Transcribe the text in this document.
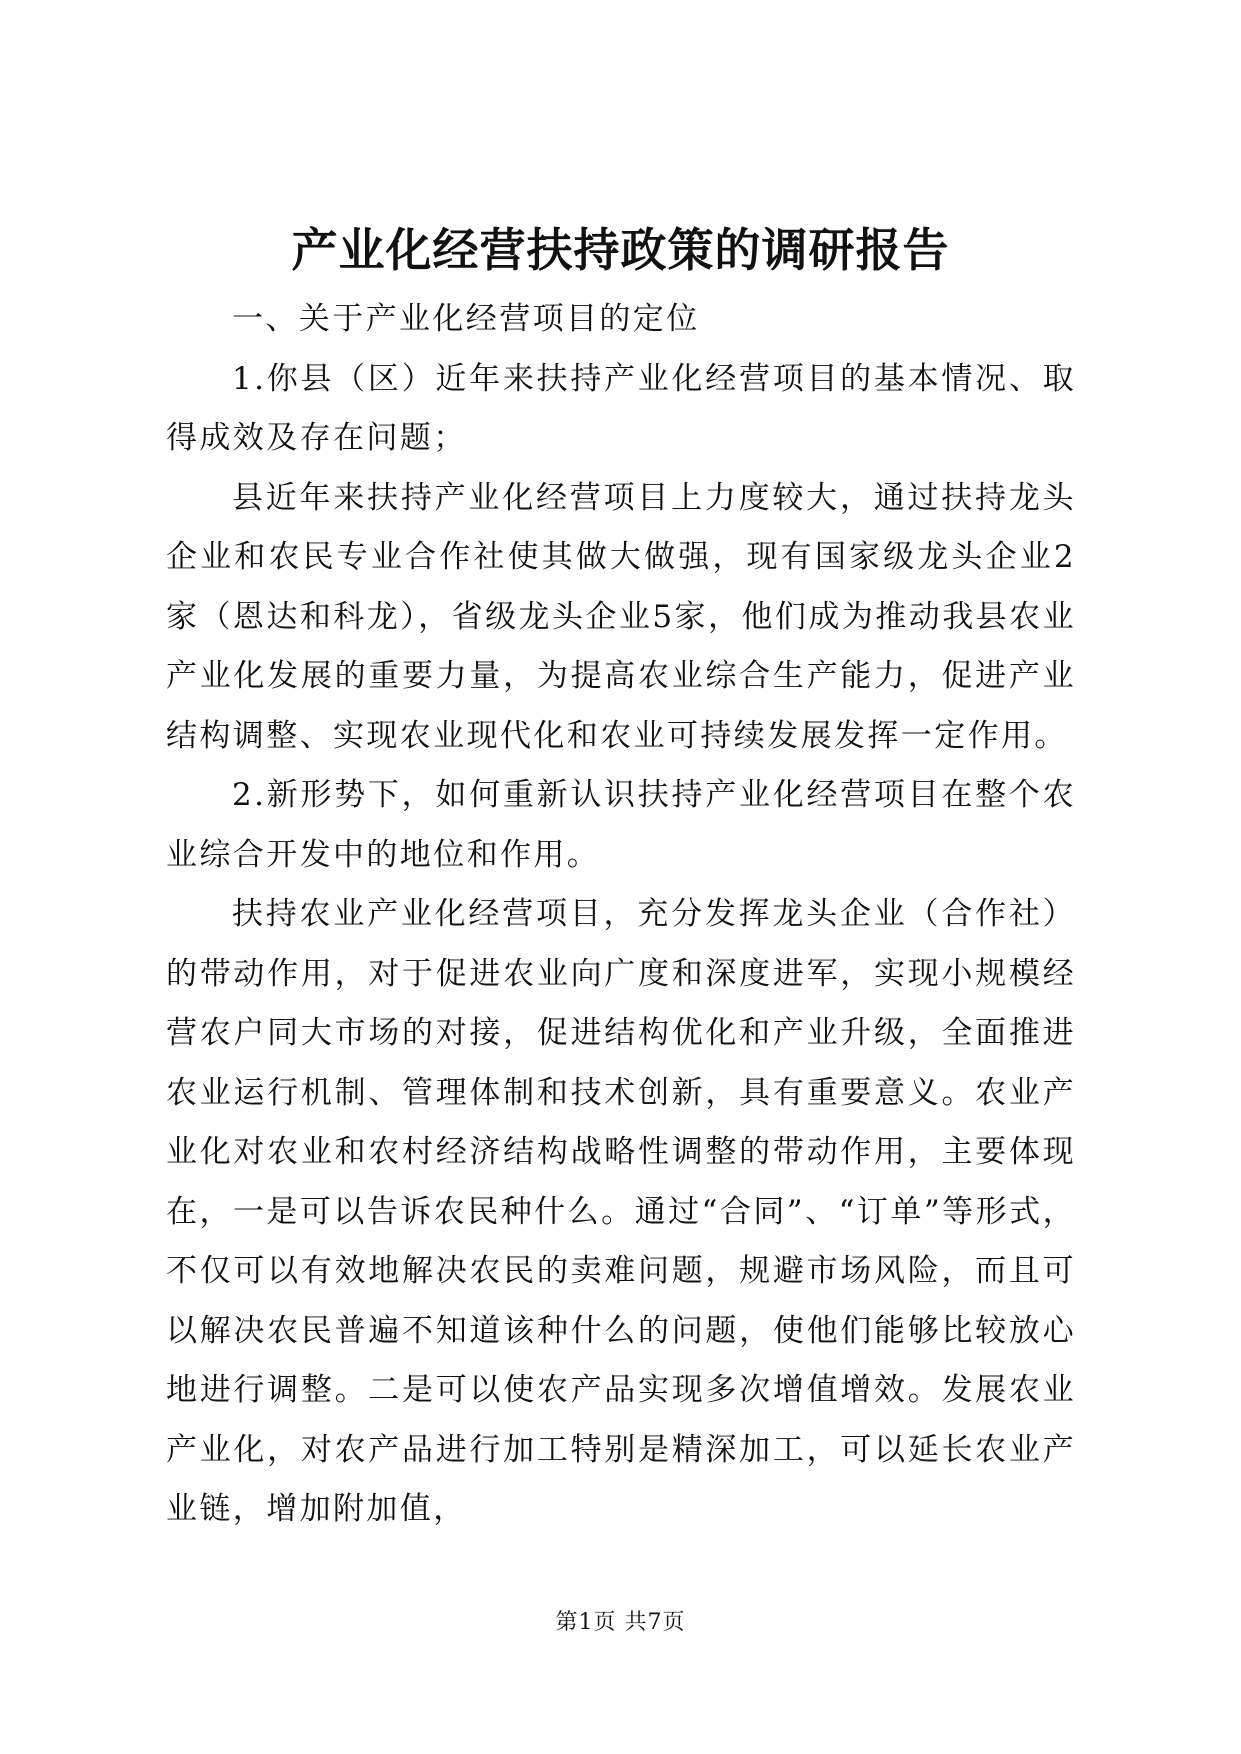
产业化经营扶持政策的调研报告

一、关于产业化经营项目的定位

1.你县（区）近年来扶持产业化经营项目的基本情况、取得成效及存在问题；

县近年来扶持产业化经营项目上力度较大，通过扶持龙头企业和农民专业合作社使其做大做强，现有国家级龙头企业2家（恩达和科龙），省级龙头企业5家，他们成为推动我县农业产业化发展的重要力量，为提高农业综合生产能力，促进产业结构调整、实现农业现代化和农业可持续发展发挥一定作用。

2.新形势下，如何重新认识扶持产业化经营项目在整个农业综合开发中的地位和作用。

扶持农业产业化经营项目，充分发挥龙头企业（合作社）的带动作用，对于促进农业向广度和深度进军，实现小规模经营农户同大市场的对接，促进结构优化和产业升级，全面推进农业运行机制、管理体制和技术创新，具有重要意义。农业产业化对农业和农村经济结构战略性调整的带动作用，主要体现在，一是可以告诉农民种什么。通过“合同”、“订单”等形式，不仅可以有效地解决农民的卖难问题，规避市场风险，而且可以解决农民普遍不知道该种什么的问题，使他们能够比较放心地进行调整。二是可以使农产品实现多次增值增效。发展农业产业化，对农产品进行加工特别是精深加工，可以延长农业产业链，增加附加值，

第1页 共7页
